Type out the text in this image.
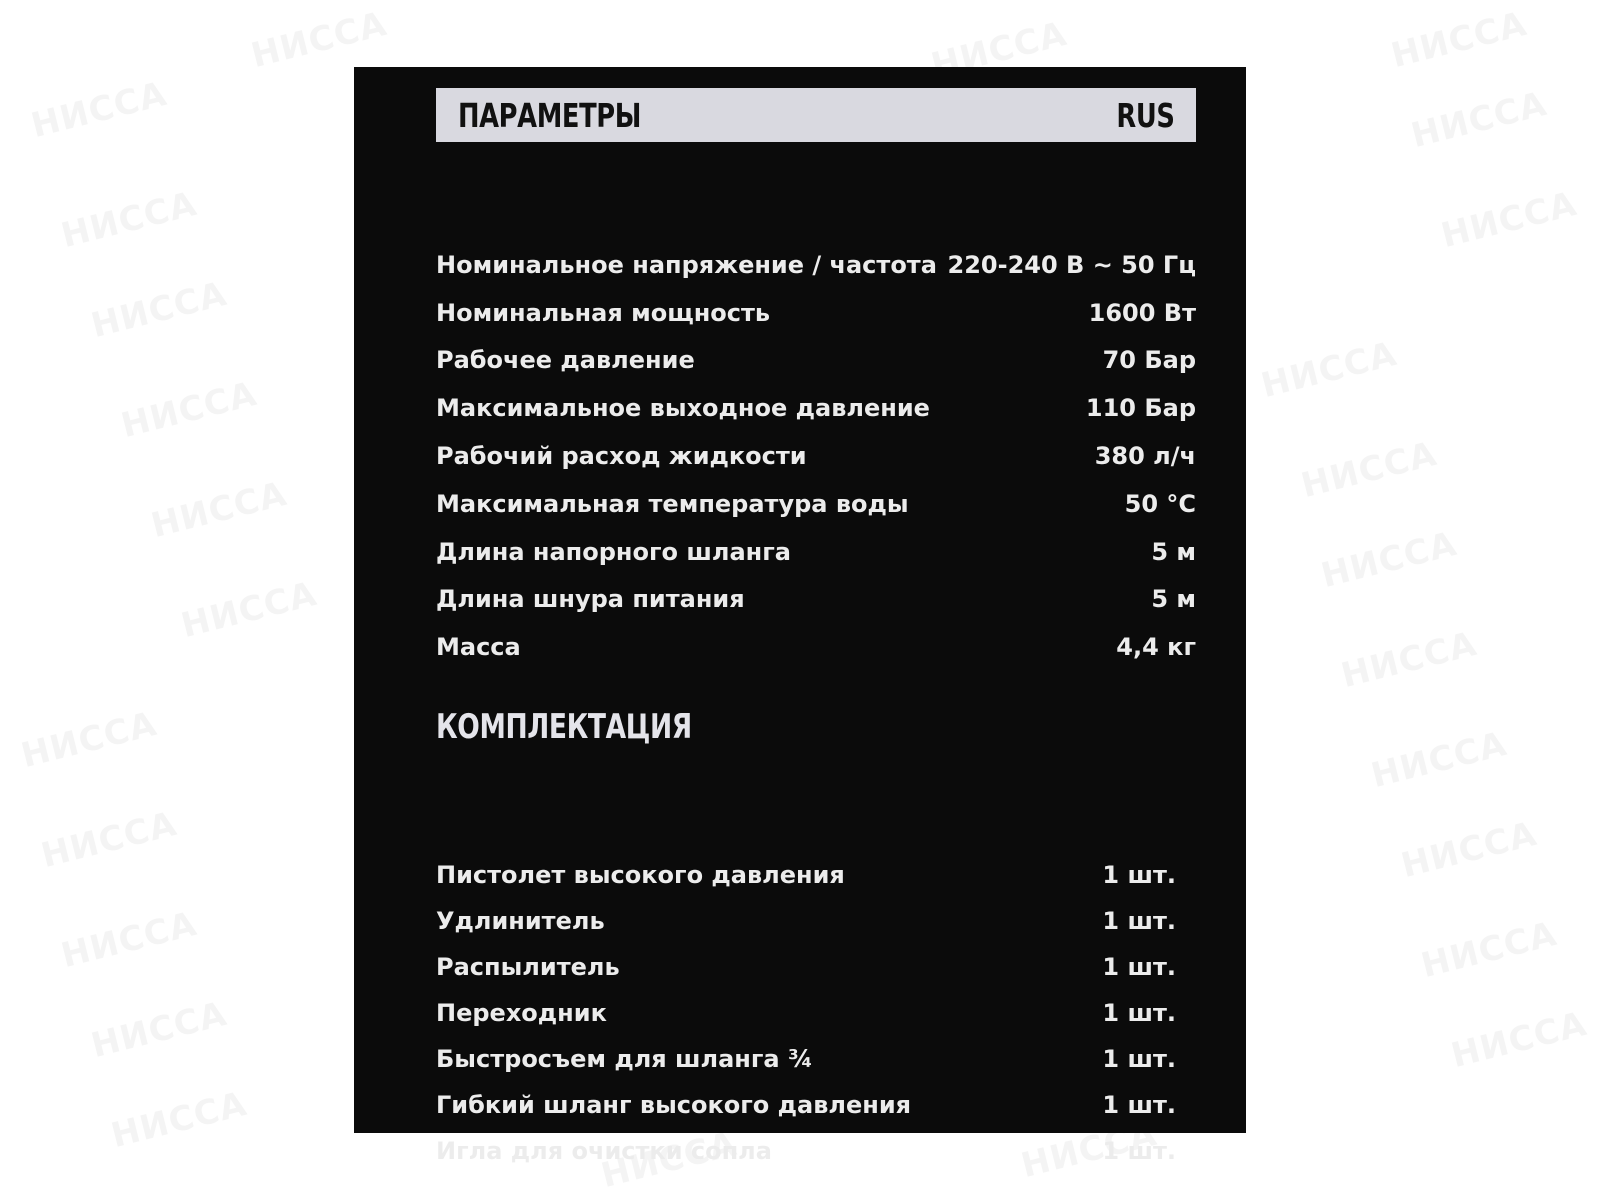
ПАРАМЕТРЫ	RUS
Номинальное напряжение / частота 220-240 В ~ 50 Гц
Номинальная мощность	1600 Вт
Рабочее давление	70 Бар
Максимальное выходное давление	110 Бар
Рабочий расход жидкости	380 л/ч
Максимальная температура воды	50 °C
Длина напорного шланга	5 м
Длина шнура питания	5 м
Масса	4,4 кг
КОМПЛЕКТАЦИЯ
Пистолет высокого давления	1 шт.
Удлинитель	1 шт.
Распылитель	1 шт.
Переходник	1 шт.
Быстросъем для шланга ¾	1 шт.
Гибкий шланг высокого давления	1 шт.
Игла для очистки сопла	1 шт.
